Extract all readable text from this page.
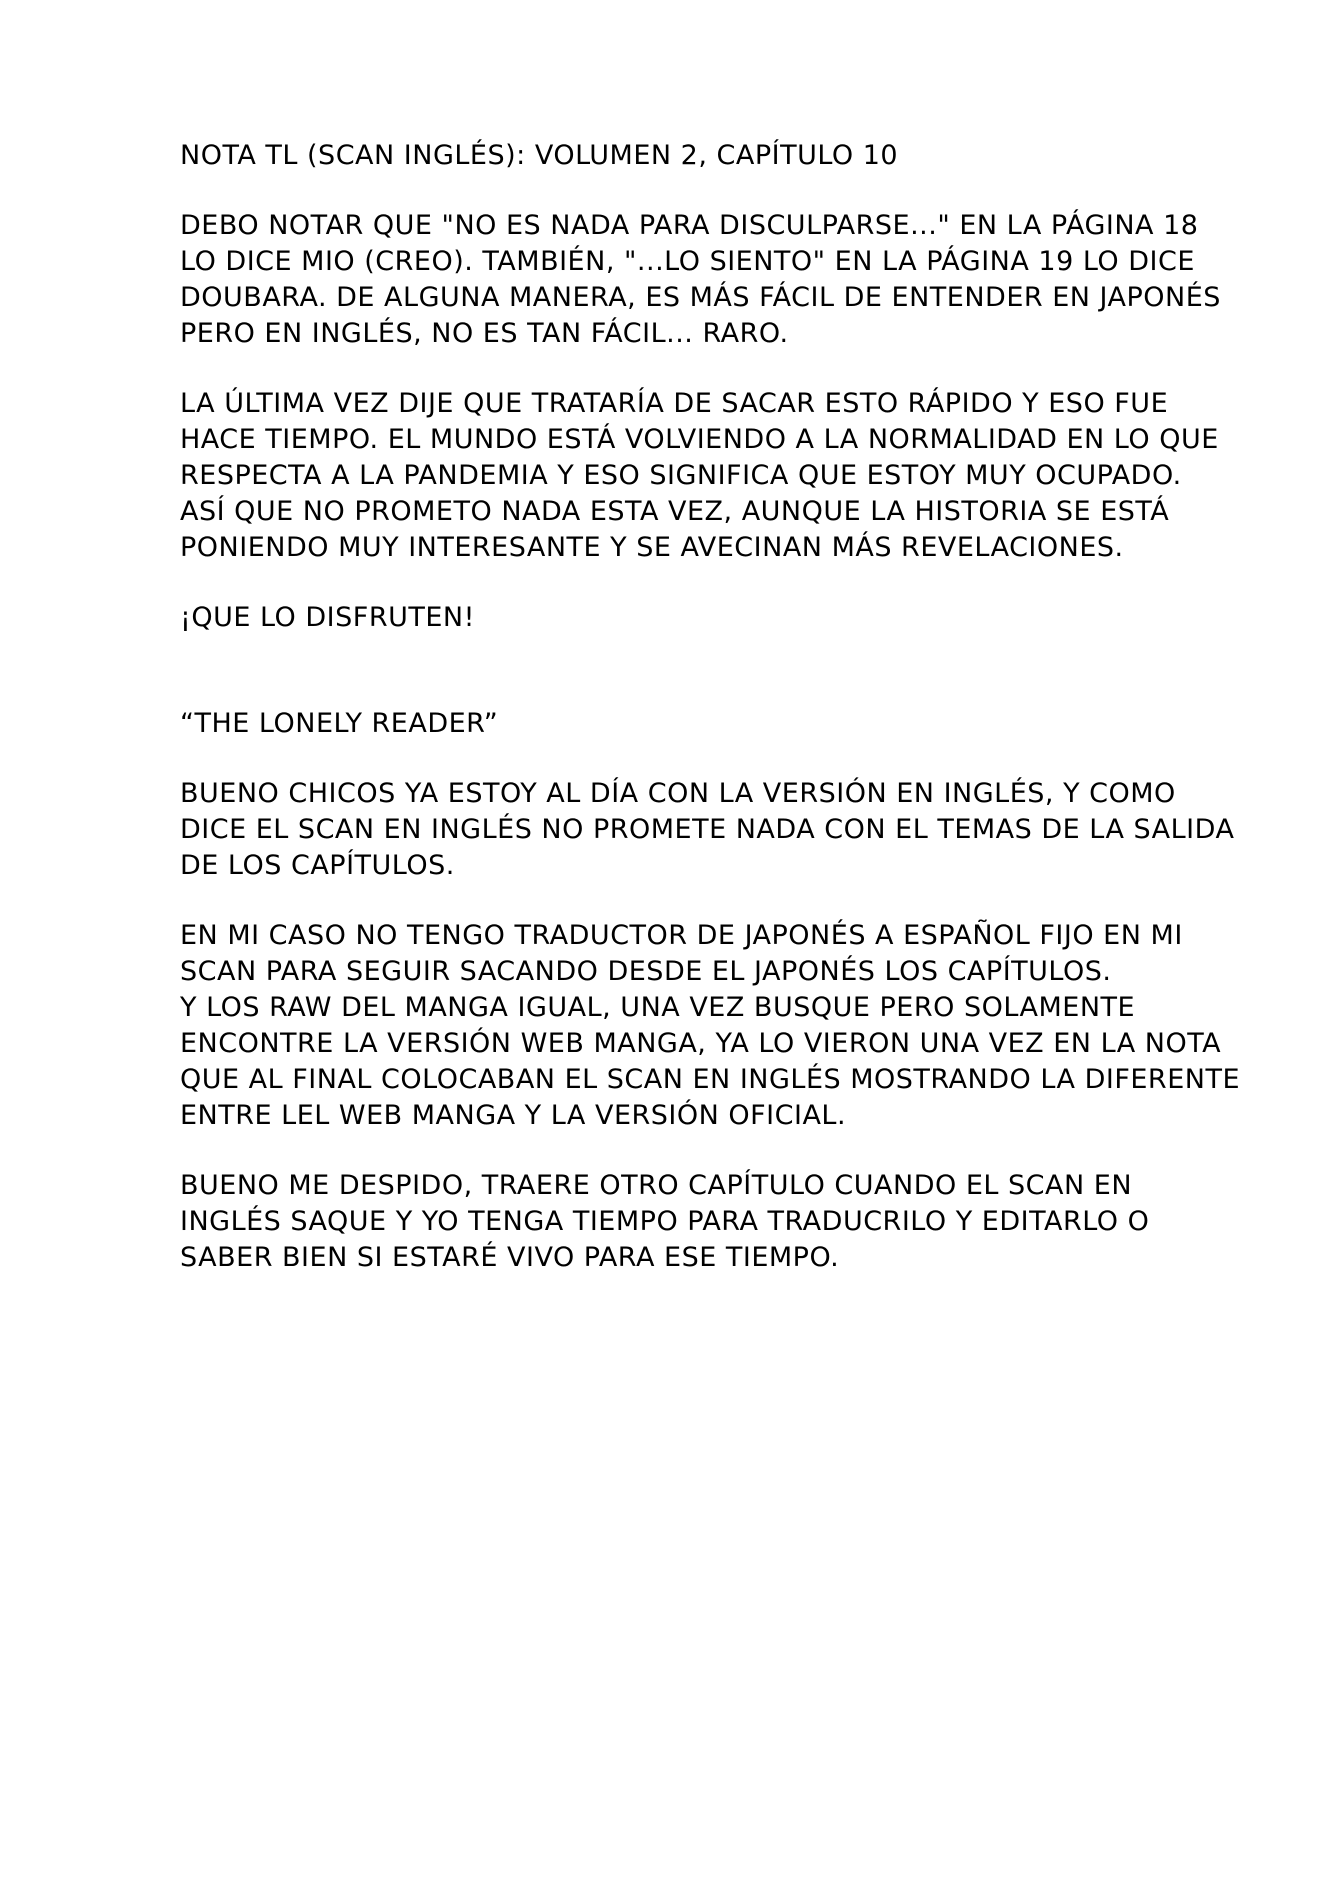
NOTA TL (SCAN INGLÉS): VOLUMEN 2, CAPÍTULO 10
DEBO NOTAR QUE "NO ES NADA PARA DISCULPARSE..." EN LA PÁGINA 18
LO DICE MIO (CREO). TAMBIÉN, "...LO SIENTO" EN LA PÁGINA 19 LO DICE
DOUBARA. DE ALGUNA MANERA, ES MÁS FÁCIL DE ENTENDER EN JAPONÉS
PERO EN INGLÉS, NO ES TAN FÁCIL... RARO.
LA ÚLTIMA VEZ DIJE QUE TRATARÍA DE SACAR ESTO RÁPIDO Y ESO FUE
HACE TIEMPO. EL MUNDO ESTÁ VOLVIENDO A LA NORMALIDAD EN LO QUE
RESPECTA A LA PANDEMIA Y ESO SIGNIFICA QUE ESTOY MUY OCUPADO.
ASÍ QUE NO PROMETO NADA ESTA VEZ, AUNQUE LA HISTORIA SE ESTÁ
PONIENDO MUY INTERESANTE Y SE AVECINAN MÁS REVELACIONES.
¡QUE LO DISFRUTEN!
“THE LONELY READER”
BUENO CHICOS YA ESTOY AL DÍA CON LA VERSIÓN EN INGLÉS, Y COMO
DICE EL SCAN EN INGLÉS NO PROMETE NADA CON EL TEMAS DE LA SALIDA
DE LOS CAPÍTULOS.
EN MI CASO NO TENGO TRADUCTOR DE JAPONÉS A ESPAÑOL FIJO EN MI
SCAN PARA SEGUIR SACANDO DESDE EL JAPONÉS LOS CAPÍTULOS.
Y LOS RAW DEL MANGA IGUAL, UNA VEZ BUSQUE PERO SOLAMENTE
ENCONTRE LA VERSIÓN WEB MANGA, YA LO VIERON UNA VEZ EN LA NOTA
QUE AL FINAL COLOCABAN EL SCAN EN INGLÉS MOSTRANDO LA DIFERENTE
ENTRE LEL WEB MANGA Y LA VERSIÓN OFICIAL.
BUENO ME DESPIDO, TRAERE OTRO CAPÍTULO CUANDO EL SCAN EN
INGLÉS SAQUE Y YO TENGA TIEMPO PARA TRADUCRILO Y EDITARLO O
SABER BIEN SI ESTARÉ VIVO PARA ESE TIEMPO.
